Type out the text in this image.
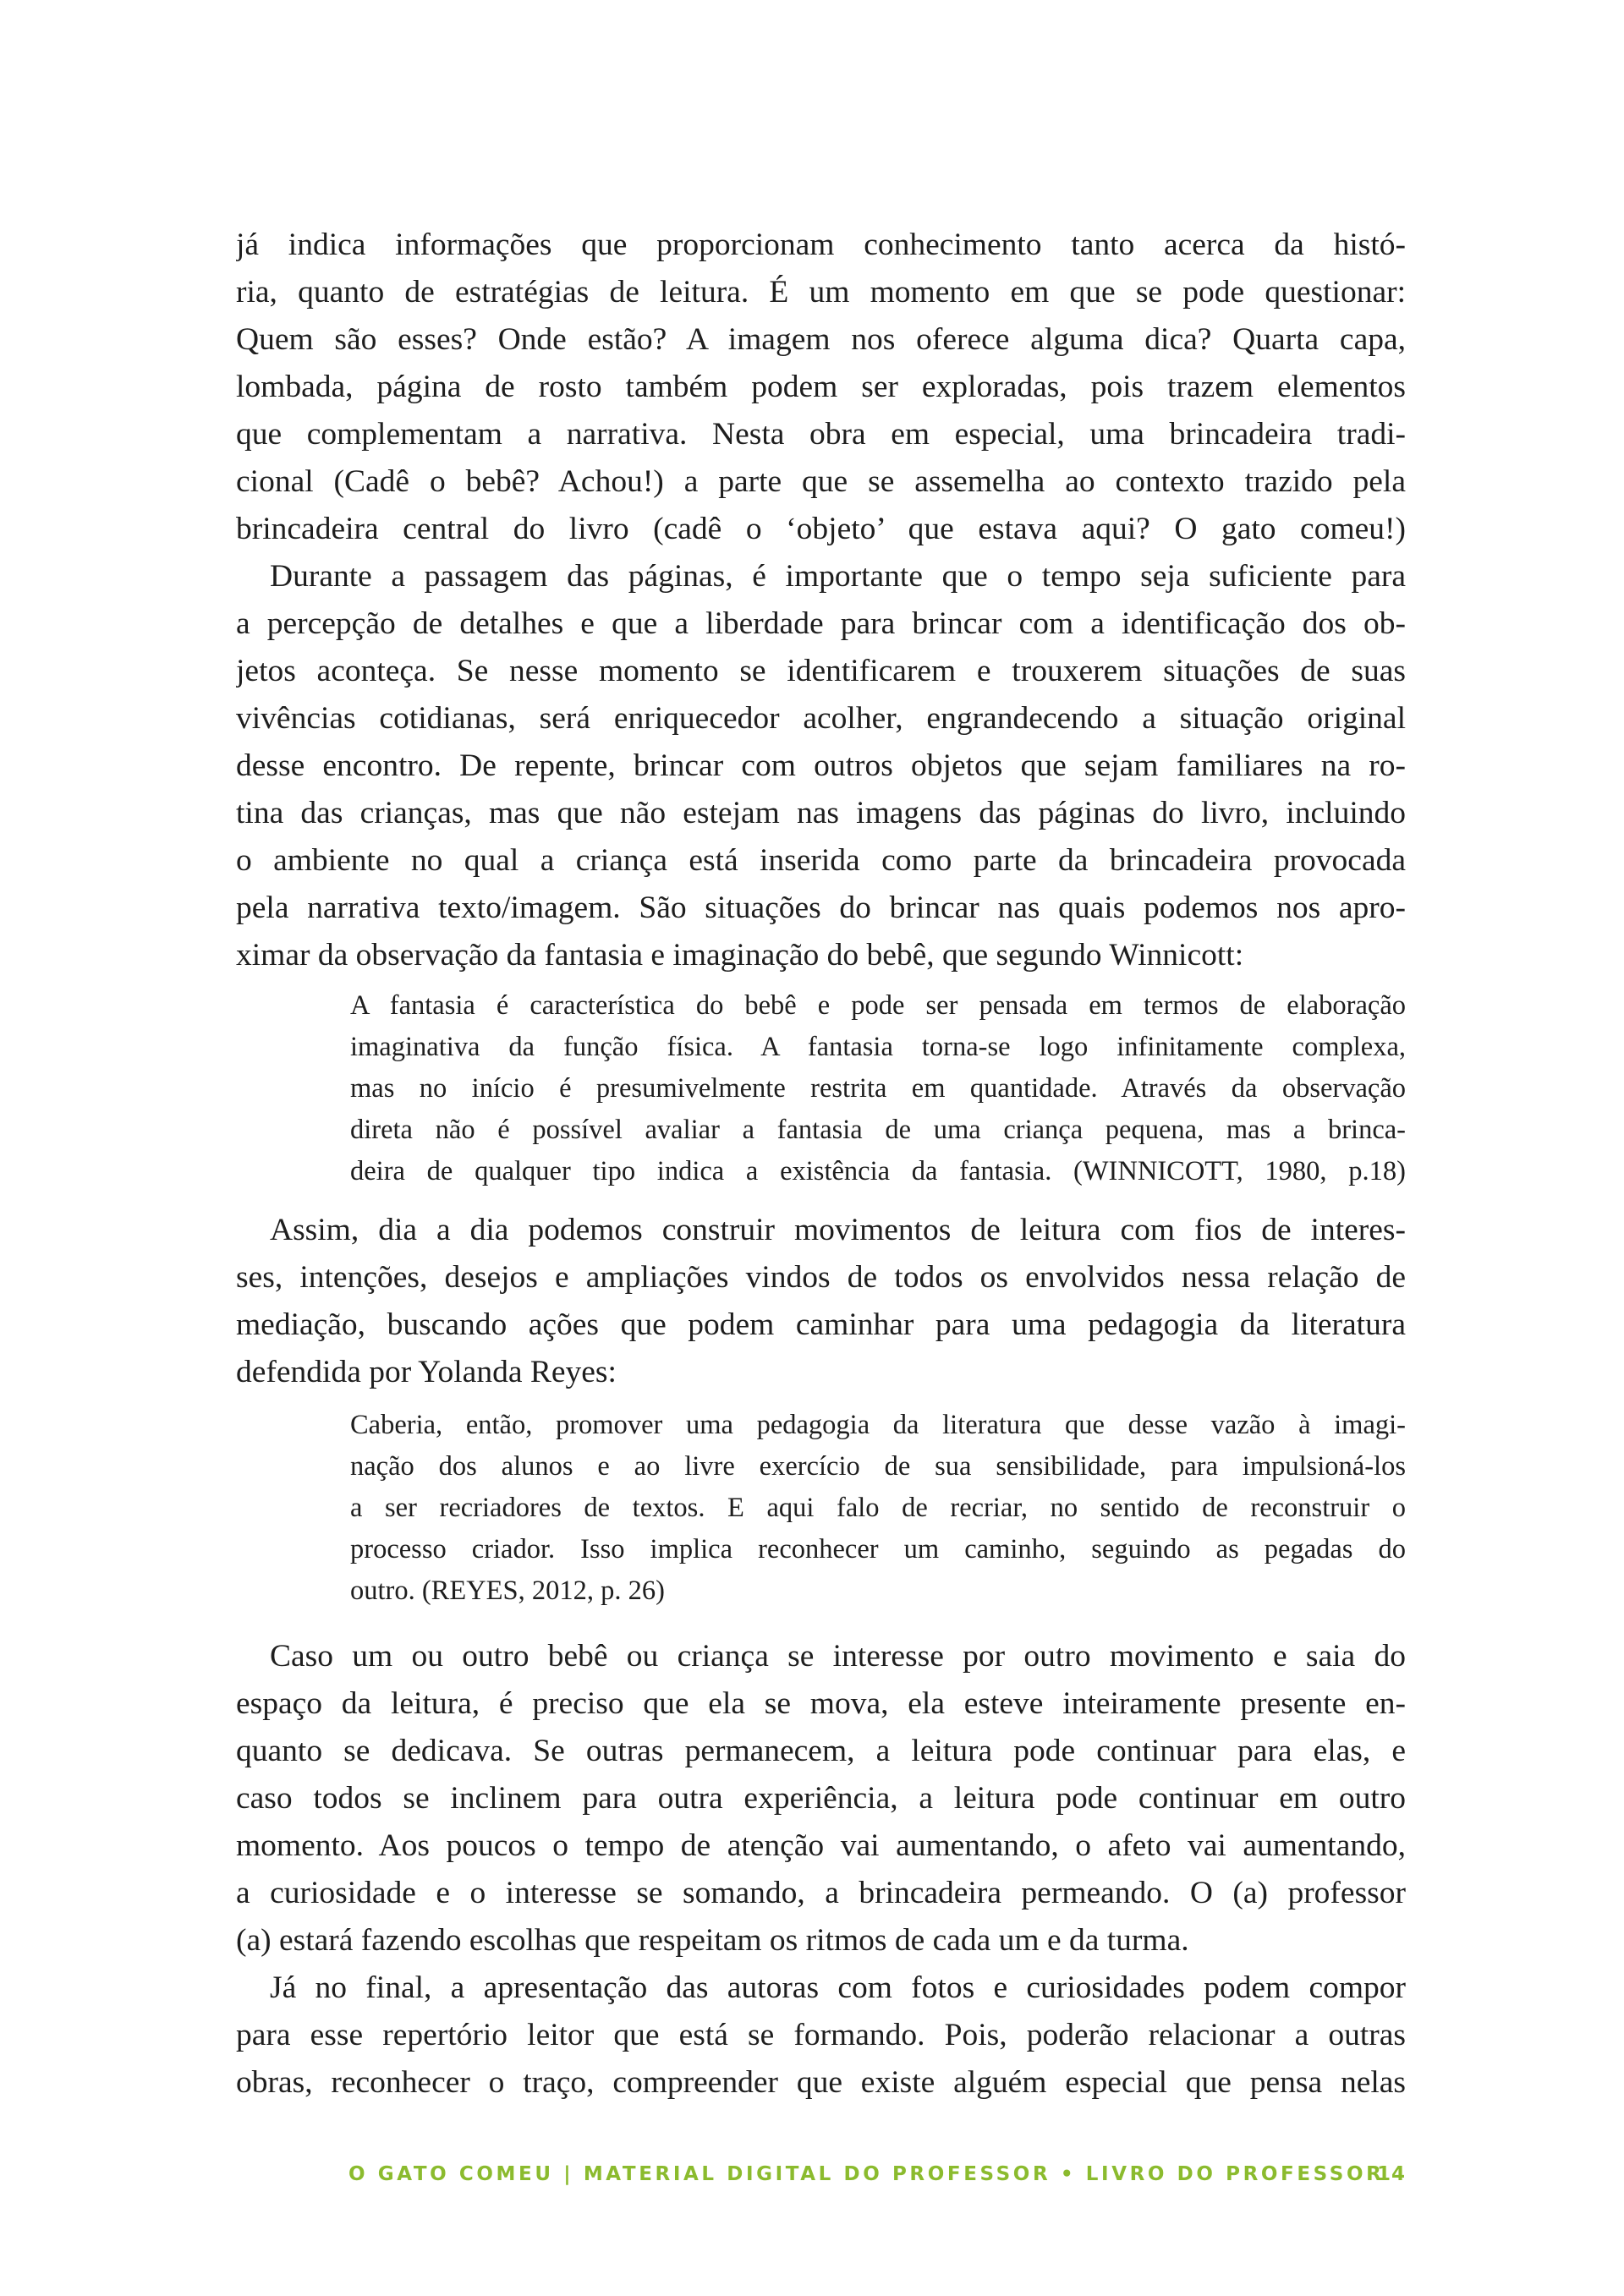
já indica informações que proporcionam conhecimento tanto acerca da histó-
ria, quanto de estratégias de leitura. É um momento em que se pode questionar:
Quem são esses? Onde estão? A imagem nos oferece alguma dica? Quarta capa,
lombada, página de rosto também podem ser exploradas, pois trazem elementos
que complementam a narrativa. Nesta obra em especial, uma brincadeira tradi-
cional (Cadê o bebê? Achou!) a parte que se assemelha ao contexto trazido pela
brincadeira central do livro (cadê o ‘objeto’ que estava aqui? O gato comeu!)
Durante a passagem das páginas, é importante que o tempo seja suficiente para
a percepção de detalhes e que a liberdade para brincar com a identificação dos ob-
jetos aconteça. Se nesse momento se identificarem e trouxerem situações de suas
vivências cotidianas, será enriquecedor acolher, engrandecendo a situação original
desse encontro. De repente, brincar com outros objetos que sejam familiares na ro-
tina das crianças, mas que não estejam nas imagens das páginas do livro, incluindo
o ambiente no qual a criança está inserida como parte da brincadeira provocada
pela narrativa texto/imagem. São situações do brincar nas quais podemos nos apro-
ximar da observação da fantasia e imaginação do bebê, que segundo Winnicott:
A fantasia é característica do bebê e pode ser pensada em termos de elaboração
imaginativa da função física. A fantasia torna-se logo infinitamente complexa,
mas no início é presumivelmente restrita em quantidade. Através da observação
direta não é possível avaliar a fantasia de uma criança pequena, mas a brinca-
deira de qualquer tipo indica a existência da fantasia. (WINNICOTT, 1980, p.18)
Assim, dia a dia podemos construir movimentos de leitura com fios de interes-
ses, intenções, desejos e ampliações vindos de todos os envolvidos nessa relação de
mediação, buscando ações que podem caminhar para uma pedagogia da literatura
defendida por Yolanda Reyes:
Caberia, então, promover uma pedagogia da literatura que desse vazão à imagi-
nação dos alunos e ao livre exercício de sua sensibilidade, para impulsioná-los
a ser recriadores de textos. E aqui falo de recriar, no sentido de reconstruir o
processo criador. Isso implica reconhecer um caminho, seguindo as pegadas do
outro. (REYES, 2012, p. 26)
Caso um ou outro bebê ou criança se interesse por outro movimento e saia do
espaço da leitura, é preciso que ela se mova, ela esteve inteiramente presente en-
quanto se dedicava. Se outras permanecem, a leitura pode continuar para elas, e
caso todos se inclinem para outra experiência, a leitura pode continuar em outro
momento. Aos poucos o tempo de atenção vai aumentando, o afeto vai aumentando,
a curiosidade e o interesse se somando, a brincadeira permeando. O (a) professor
(a) estará fazendo escolhas que respeitam os ritmos de cada um e da turma.
Já no final, a apresentação das autoras com fotos e curiosidades podem compor
para esse repertório leitor que está se formando. Pois, poderão relacionar a outras
obras, reconhecer o traço, compreender que existe alguém especial que pensa nelas
O GATO COMEU | MATERIAL DIGITAL DO PROFESSOR • LIVRO DO PROFESSOR
14
